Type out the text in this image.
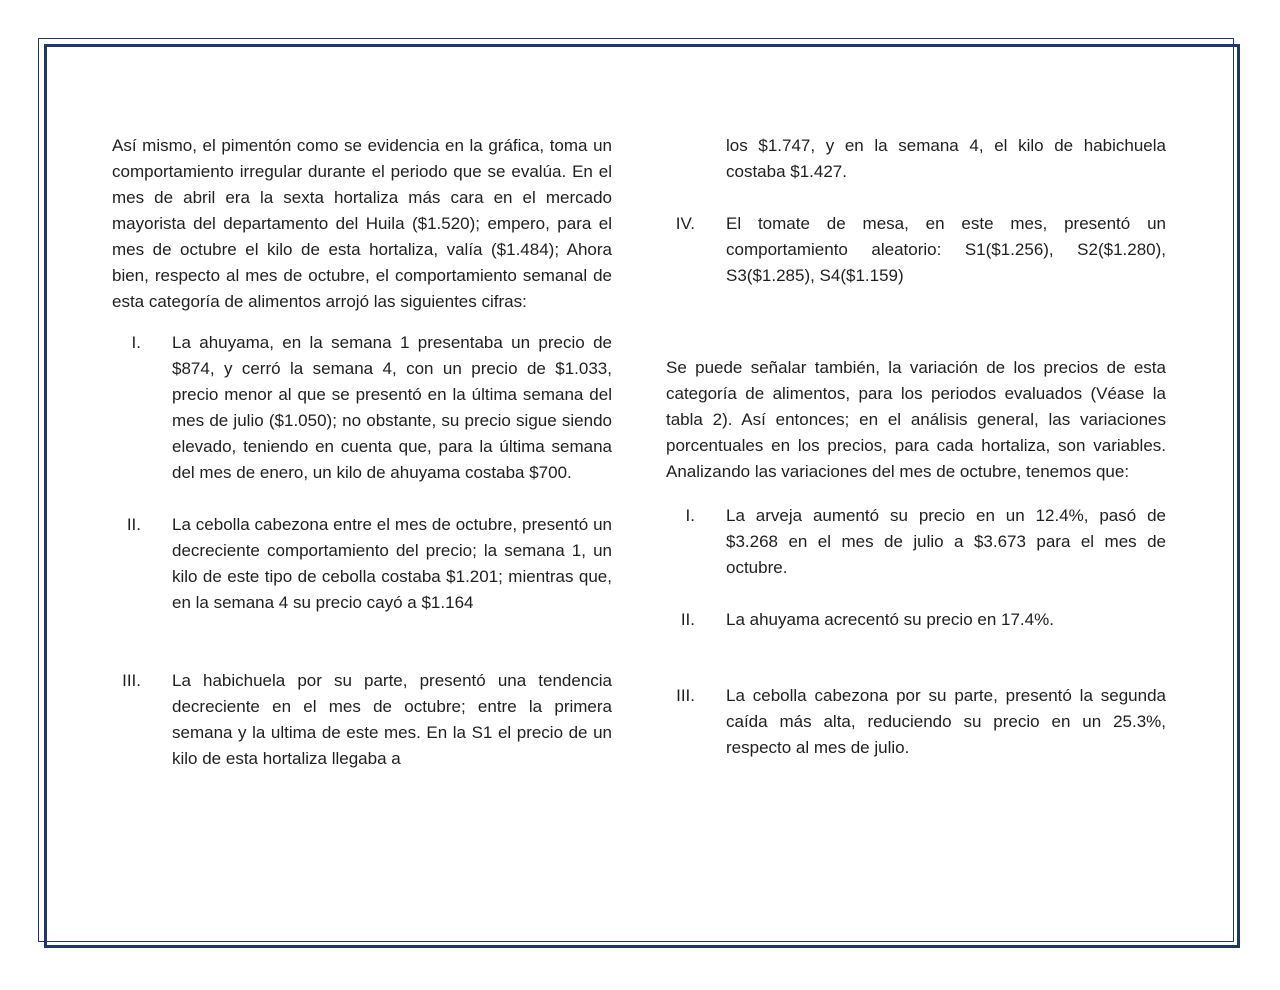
Así mismo, el pimentón como se evidencia en la gráfica, toma un comportamiento irregular durante el periodo que se evalúa. En el mes de abril era la sexta hortaliza más cara en el mercado mayorista del departamento del Huila ($1.520); empero, para el mes de octubre el kilo de esta hortaliza, valía ($1.484); Ahora bien, respecto al mes de octubre, el comportamiento semanal de esta categoría de alimentos arrojó las siguientes cifras:

I.	La ahuyama, en la semana 1 presentaba un precio de $874, y cerró la semana 4, con un precio de $1.033, precio menor al que se presentó en la última semana del mes de julio ($1.050); no obstante, su precio sigue siendo elevado, teniendo en cuenta que, para la última semana del mes de enero, un kilo de ahuyama costaba $700.
II.	La cebolla cabezona entre el mes de octubre, presentó un decreciente comportamiento del precio; la semana 1, un kilo de este tipo de cebolla costaba $1.201; mientras que, en la semana 4 su precio cayó a $1.164
III.	La habichuela por su parte, presentó una tendencia decreciente en el mes de octubre; entre la primera semana y la ultima de este mes. En la S1 el precio de un kilo de esta hortaliza llegaba a

los $1.747, y en la semana 4, el kilo de habichuela costaba $1.427.

IV.	El tomate de mesa, en este mes, presentó un comportamiento aleatorio: S1($1.256), S2($1.280), S3($1.285), S4($1.159)

Se puede señalar también, la variación de los precios de esta categoría de alimentos, para los periodos evaluados (Véase la tabla 2). Así entonces; en el análisis general, las variaciones porcentuales en los precios, para cada hortaliza, son variables. Analizando las variaciones del mes de octubre, tenemos que:

I.	La arveja aumentó su precio en un 12.4%, pasó de $3.268 en el mes de julio a $3.673 para el mes de octubre.
II.	La ahuyama acrecentó su precio en 17.4%.
III.	La cebolla cabezona por su parte, presentó la segunda caída más alta, reduciendo su precio en un 25.3%, respecto al mes de julio.
